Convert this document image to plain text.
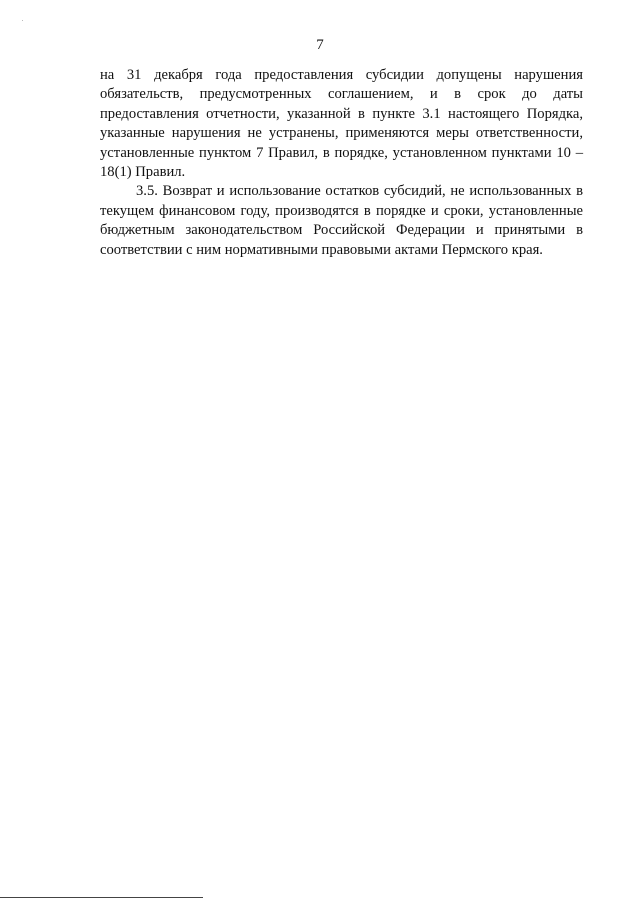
7

на 31 декабря года предоставления субсидии допущены нарушения обязательств, предусмотренных соглашением, и в срок до даты предоставления отчетности, указанной в пункте 3.1 настоящего Порядка, указанные нарушения не устранены, применяются меры ответственности, установленные пунктом 7 Правил, в порядке, установленном пунктами 10 – 18(1) Правил.

3.5. Возврат и использование остатков субсидий, не использованных в текущем финансовом году, производятся в порядке и сроки, установленные бюджетным законодательством Российской Федерации и принятыми в соответствии с ним нормативными правовыми актами Пермского края.
